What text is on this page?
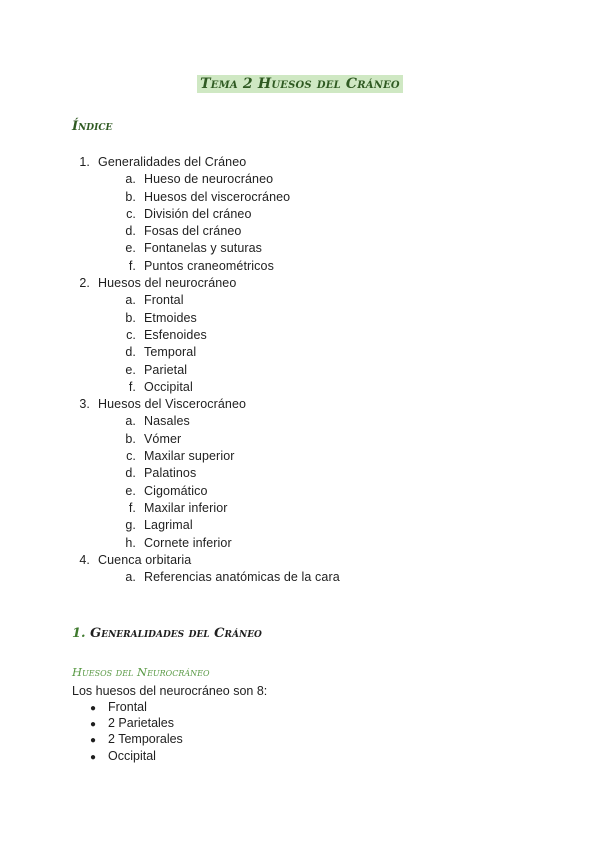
Tema 2 Huesos del Cráneo
Índice
1. Generalidades del Cráneo
a. Hueso de neurocráneo
b. Huesos del viscerocráneo
c. División del cráneo
d. Fosas del cráneo
e. Fontanelas y suturas
f. Puntos craneométricos
2. Huesos del neurocráneo
a. Frontal
b. Etmoides
c. Esfenoides
d. Temporal
e. Parietal
f. Occipital
3. Huesos del Viscerocráneo
a. Nasales
b. Vómer
c. Maxilar superior
d. Palatinos
e. Cigomático
f. Maxilar inferior
g. Lagrimal
h. Cornete inferior
4. Cuenca orbitaria
a. Referencias anatómicas de la cara
1. Generalidades del Cráneo
Huesos del Neurocráneo
Los huesos del neurocráneo son 8:
● Frontal
● 2 Parietales
● 2 Temporales
● Occipital
